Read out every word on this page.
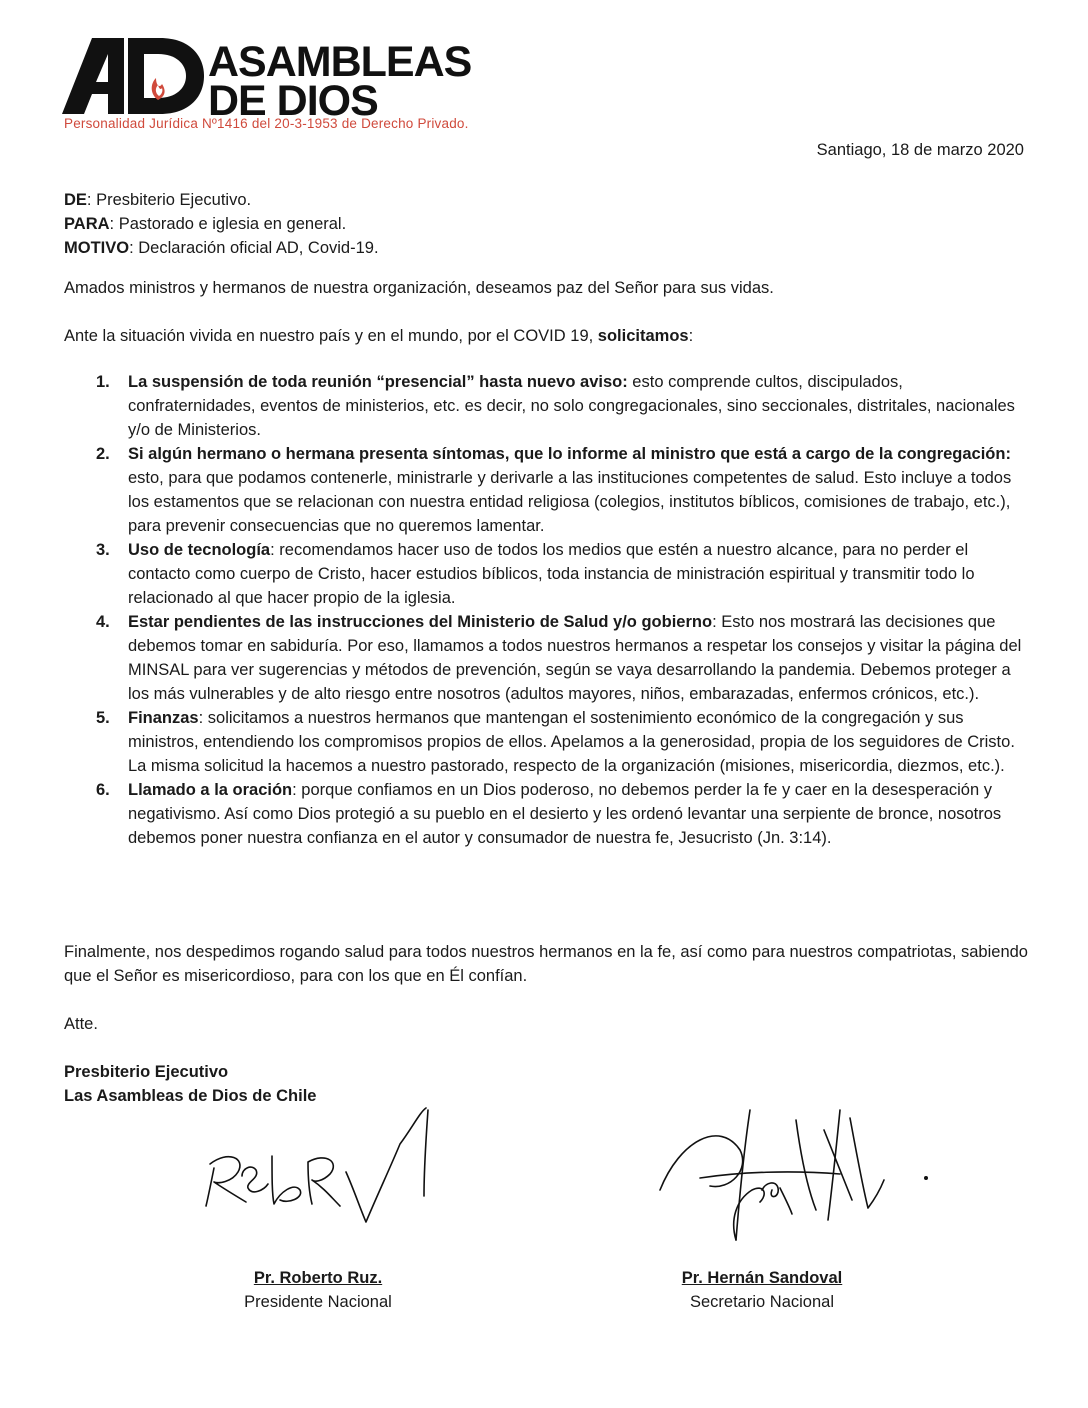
ASAMBLEAS
DE DIOS
Personalidad Jurídica Nº1416 del 20-3-1953 de Derecho Privado.
Santiago, 18 de marzo 2020
DE: Presbiterio Ejecutivo.
PARA: Pastorado e iglesia en general.
MOTIVO: Declaración oficial AD, Covid-19.
Amados ministros y hermanos de nuestra organización, deseamos paz del Señor para sus vidas.
Ante la situación vivida en nuestro país y en el mundo, por el COVID 19, solicitamos:
1. La suspensión de toda reunión “presencial” hasta nuevo aviso: esto comprende cultos, discipulados, confraternidades, eventos de ministerios, etc. es decir, no solo congregacionales, sino seccionales, distritales, nacionales y/o de Ministerios.
2. Si algún hermano o hermana presenta síntomas, que lo informe al ministro que está a cargo de la congregación: esto, para que podamos contenerle, ministrarle y derivarle a las instituciones competentes de salud. Esto incluye a todos los estamentos que se relacionan con nuestra entidad religiosa (colegios, institutos bíblicos, comisiones de trabajo, etc.), para prevenir consecuencias que no queremos lamentar.
3. Uso de tecnología: recomendamos hacer uso de todos los medios que estén a nuestro alcance, para no perder el contacto como cuerpo de Cristo, hacer estudios bíblicos, toda instancia de ministración espiritual y transmitir todo lo relacionado al que hacer propio de la iglesia.
4. Estar pendientes de las instrucciones del Ministerio de Salud y/o gobierno: Esto nos mostrará las decisiones que debemos tomar en sabiduría. Por eso, llamamos a todos nuestros hermanos a respetar los consejos y visitar la página del MINSAL para ver sugerencias y métodos de prevención, según se vaya desarrollando la pandemia. Debemos proteger a los más vulnerables y de alto riesgo entre nosotros (adultos mayores, niños, embarazadas, enfermos crónicos, etc.).
5. Finanzas: solicitamos a nuestros hermanos que mantengan el sostenimiento económico de la congregación y sus ministros, entendiendo los compromisos propios de ellos. Apelamos a la generosidad, propia de los seguidores de Cristo. La misma solicitud la hacemos a nuestro pastorado, respecto de la organización (misiones, misericordia, diezmos, etc.).
6. Llamado a la oración: porque confiamos en un Dios poderoso, no debemos perder la fe y caer en la desesperación y negativismo. Así como Dios protegió a su pueblo en el desierto y les ordenó levantar una serpiente de bronce, nosotros debemos poner nuestra confianza en el autor y consumador de nuestra fe, Jesucristo (Jn. 3:14).
Finalmente, nos despedimos rogando salud para todos nuestros hermanos en la fe, así como para nuestros compatriotas, sabiendo que el Señor es misericordioso, para con los que en Él confían.
Atte.
Presbiterio Ejecutivo
Las Asambleas de Dios de Chile
Pr. Roberto Ruz.
Presidente Nacional
Pr. Hernán Sandoval
Secretario Nacional
